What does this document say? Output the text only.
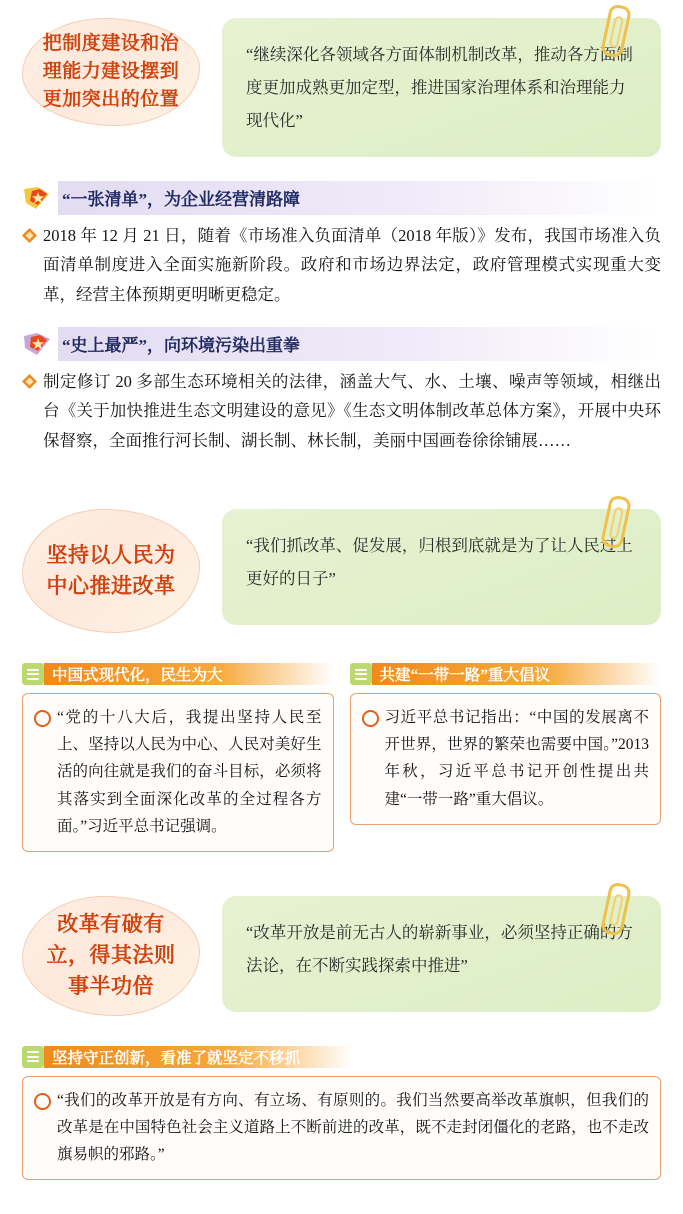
把制度建设和治理能力建设摆到更加突出的位置
“继续深化各领域各方面体制机制改革，推动各方面制度更加成熟更加定型，推进国家治理体系和治理能力现代化”
“一张清单”，为企业经营清路障
2018 年 12 月 21 日，随着《市场准入负面清单（2018 年版）》发布，我国市场准入负面清单制度进入全面实施新阶段。政府和市场边界法定，政府管理模式实现重大变革，经营主体预期更明晰更稳定。
“史上最严”，向环境污染出重拳
制定修订 20 多部生态环境相关的法律，涵盖大气、水、土壤、噪声等领域，相继出台《关于加快推进生态文明建设的意见》《生态文明体制改革总体方案》，开展中央环保督察，全面推行河长制、湖长制、林长制，美丽中国画卷徐徐铺展……
坚持以人民为中心推进改革
“我们抓改革、促发展，归根到底就是为了让人民过上更好的日子”
中国式现代化，民生为大
“党的十八大后，我提出坚持人民至上、坚持以人民为中心、人民对美好生活的向往就是我们的奋斗目标，必须将其落实到全面深化改革的全过程各方面。”习近平总书记强调。
共建“一带一路”重大倡议
习近平总书记指出：“中国的发展离不开世界，世界的繁荣也需要中国。”2013 年秋，习近平总书记开创性提出共建“一带一路”重大倡议。
改革有破有立，得其法则事半功倍
“改革开放是前无古人的崭新事业，必须坚持正确的方法论，在不断实践探索中推进”
坚持守正创新，看准了就坚定不移抓
“我们的改革开放是有方向、有立场、有原则的。我们当然要高举改革旗帜，但我们的改革是在中国特色社会主义道路上不断前进的改革，既不走封闭僵化的老路，也不走改旗易帜的邪路。”
